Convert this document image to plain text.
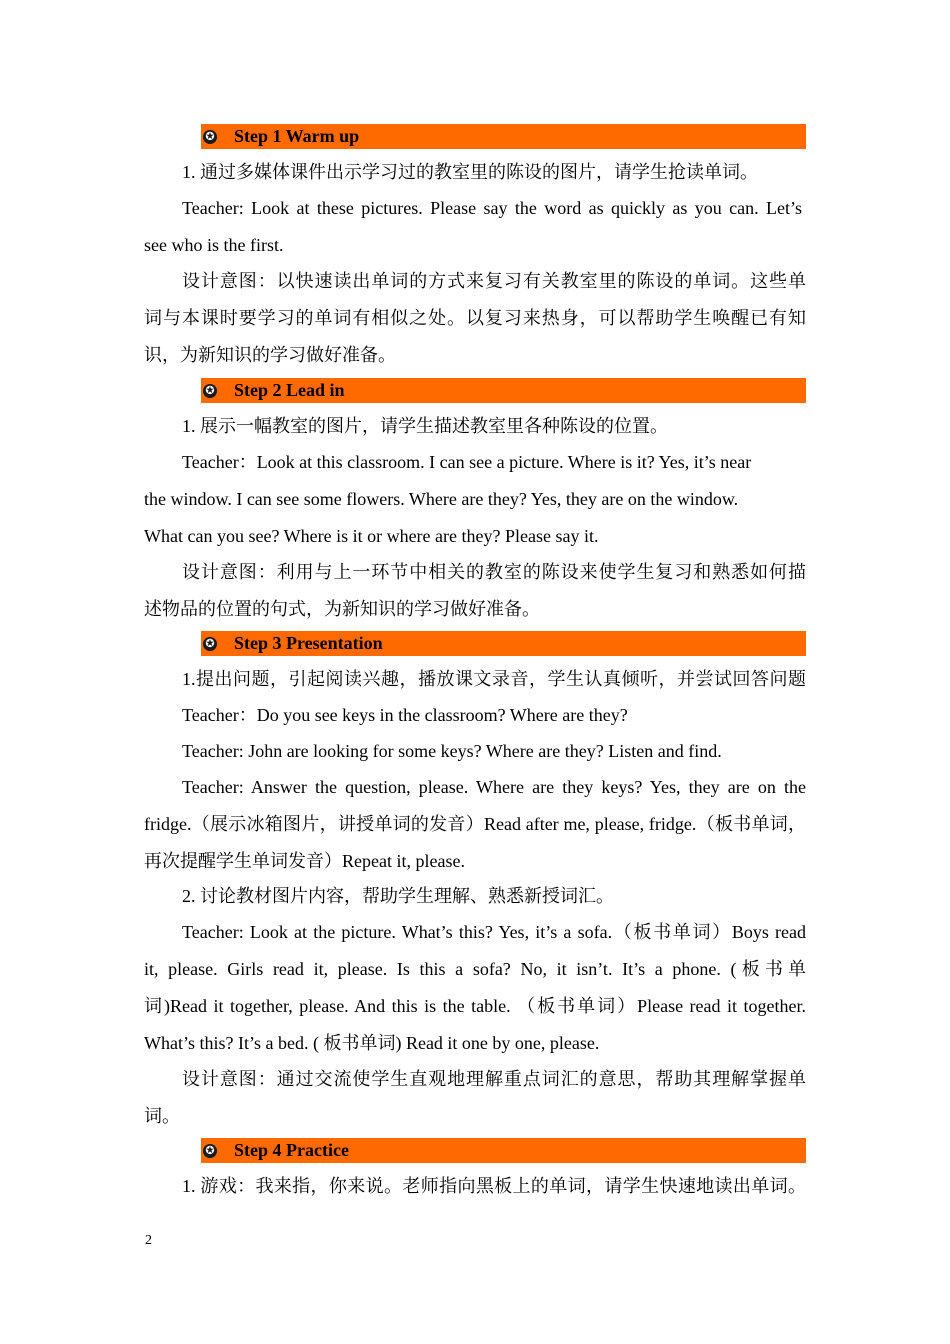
✪ Step 1 Warm up
1. 通过多媒体课件出示学习过的教室里的陈设的图片，请学生抢读单词。
Teacher: Look at these pictures. Please say the word as quickly as you can. Let’s
see who is the first.
设计意图：以快速读出单词的方式来复习有关教室里的陈设的单词。这些单
词与本课时要学习的单词有相似之处。以复习来热身，可以帮助学生唤醒已有知
识，为新知识的学习做好准备。
✪ Step 2 Lead in
1. 展示一幅教室的图片，请学生描述教室里各种陈设的位置。
Teacher：Look at this classroom. I can see a picture. Where is it? Yes, it’s near
the window. I can see some flowers. Where are they? Yes, they are on the window.
What can you see? Where is it or where are they? Please say it.
设计意图：利用与上一环节中相关的教室的陈设来使学生复习和熟悉如何描
述物品的位置的句式，为新知识的学习做好准备。
✪ Step 3 Presentation
1.提出问题，引起阅读兴趣，播放课文录音，学生认真倾听，并尝试回答问题
Teacher：Do you see keys in the classroom? Where are they?
Teacher: John are looking for some keys? Where are they? Listen and find.
Teacher: Answer the question, please. Where are they keys? Yes, they are on the
fridge.（展示冰箱图片，讲授单词的发音）Read after me, please, fridge.（板书单词，
再次提醒学生单词发音）Repeat it, please.
2. 讨论教材图片内容，帮助学生理解、熟悉新授词汇。
Teacher: Look at the picture. What’s this? Yes, it’s a sofa.（板书单词）Boys read
it, please. Girls read it, please. Is this a sofa? No, it isn’t. It’s a phone. (板书单
词)Read it together, please. And this is the table. （板书单词）Please read it together.
What’s this? It’s a bed. ( 板书单词) Read it one by one, please.
设计意图：通过交流使学生直观地理解重点词汇的意思，帮助其理解掌握单
词。
✪ Step 4 Practice
1. 游戏：我来指，你来说。老师指向黑板上的单词，请学生快速地读出单词。
2
